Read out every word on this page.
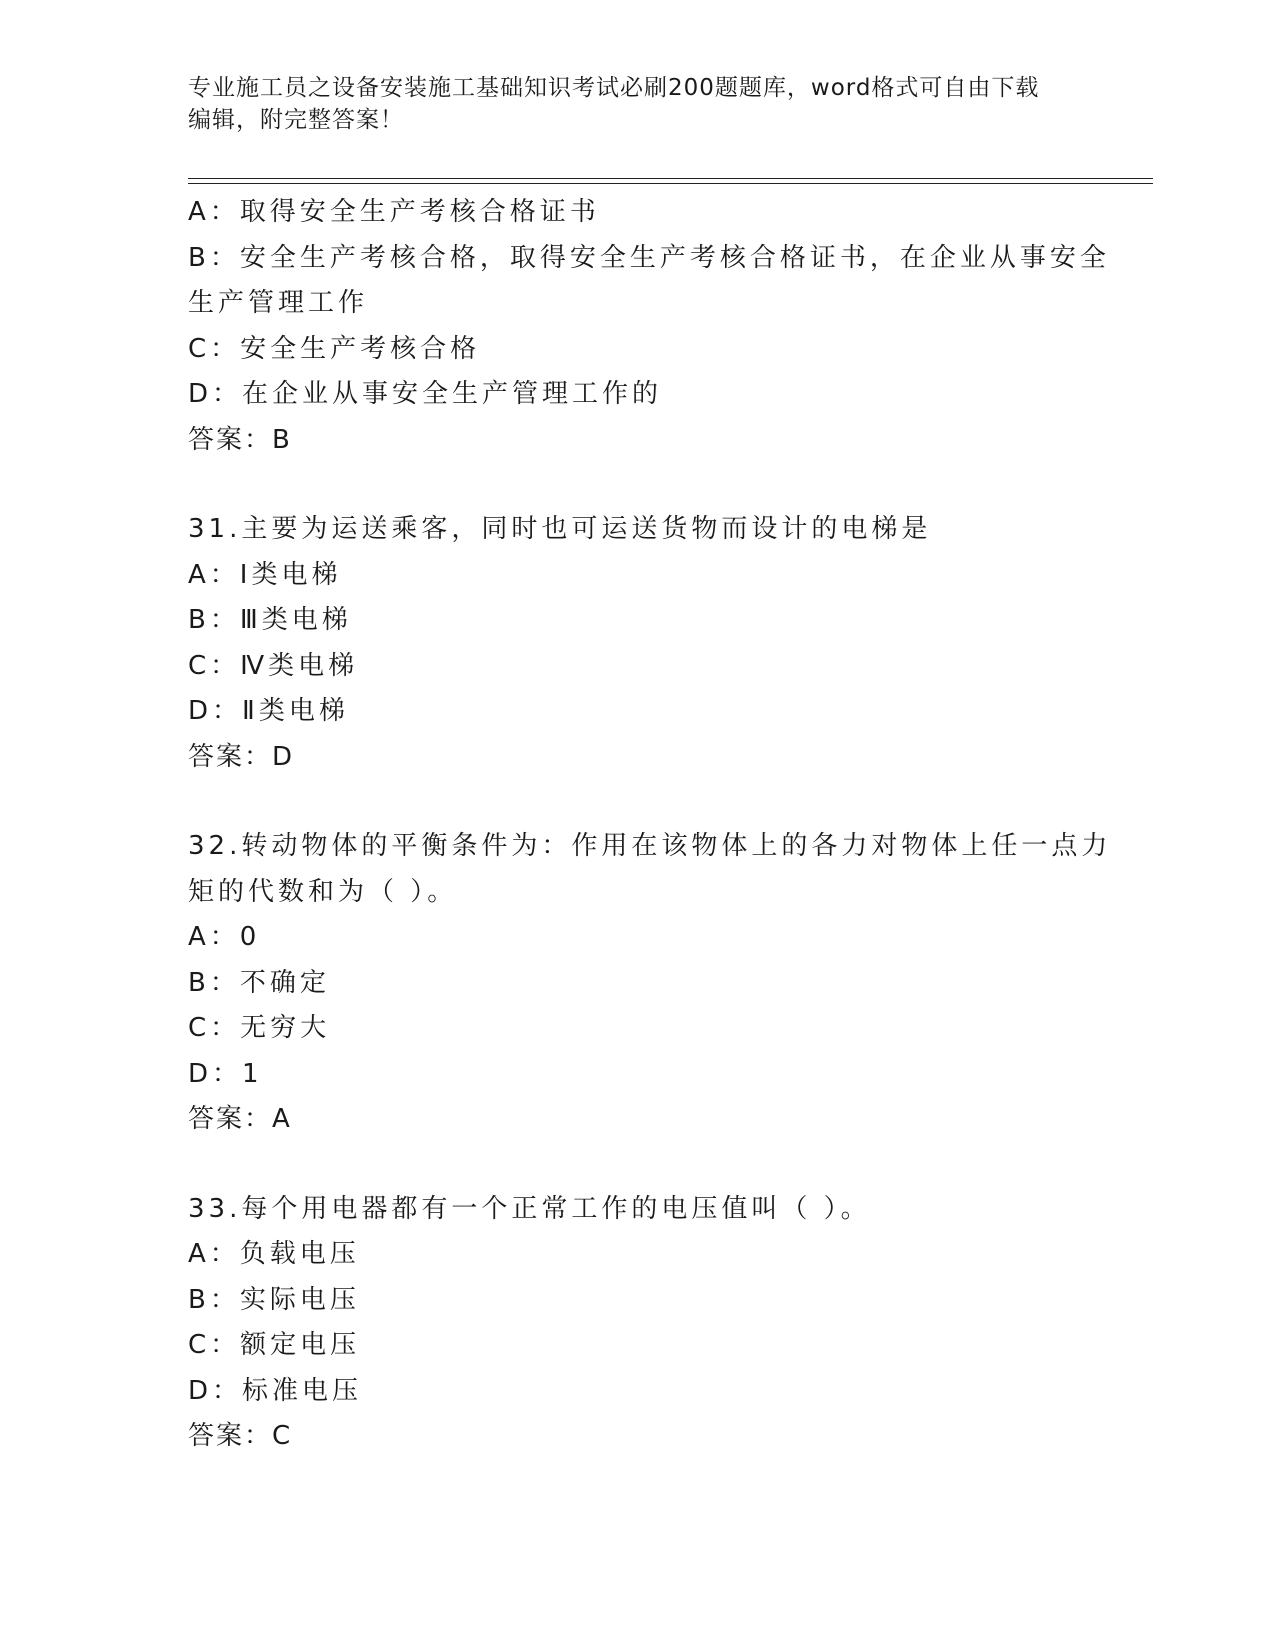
专业施工员之设备安装施工基础知识考试必刷200题题库，word格式可自由下载
编辑，附完整答案！
A：取得安全生产考核合格证书
B：安全生产考核合格，取得安全生产考核合格证书，在企业从事安全
生产管理工作
C：安全生产考核合格
D：在企业从事安全生产管理工作的
答案：B
31.主要为运送乘客，同时也可运送货物而设计的电梯是
A：Ⅰ类电梯
B：Ⅲ类电梯
C：Ⅳ类电梯
D：Ⅱ类电梯
答案：D
32.转动物体的平衡条件为：作用在该物体上的各力对物体上任一点力
矩的代数和为（ ）。
A：0
B：不确定
C：无穷大
D：1
答案：A
33.每个用电器都有一个正常工作的电压值叫（ ）。
A：负载电压
B：实际电压
C：额定电压
D：标准电压
答案：C
